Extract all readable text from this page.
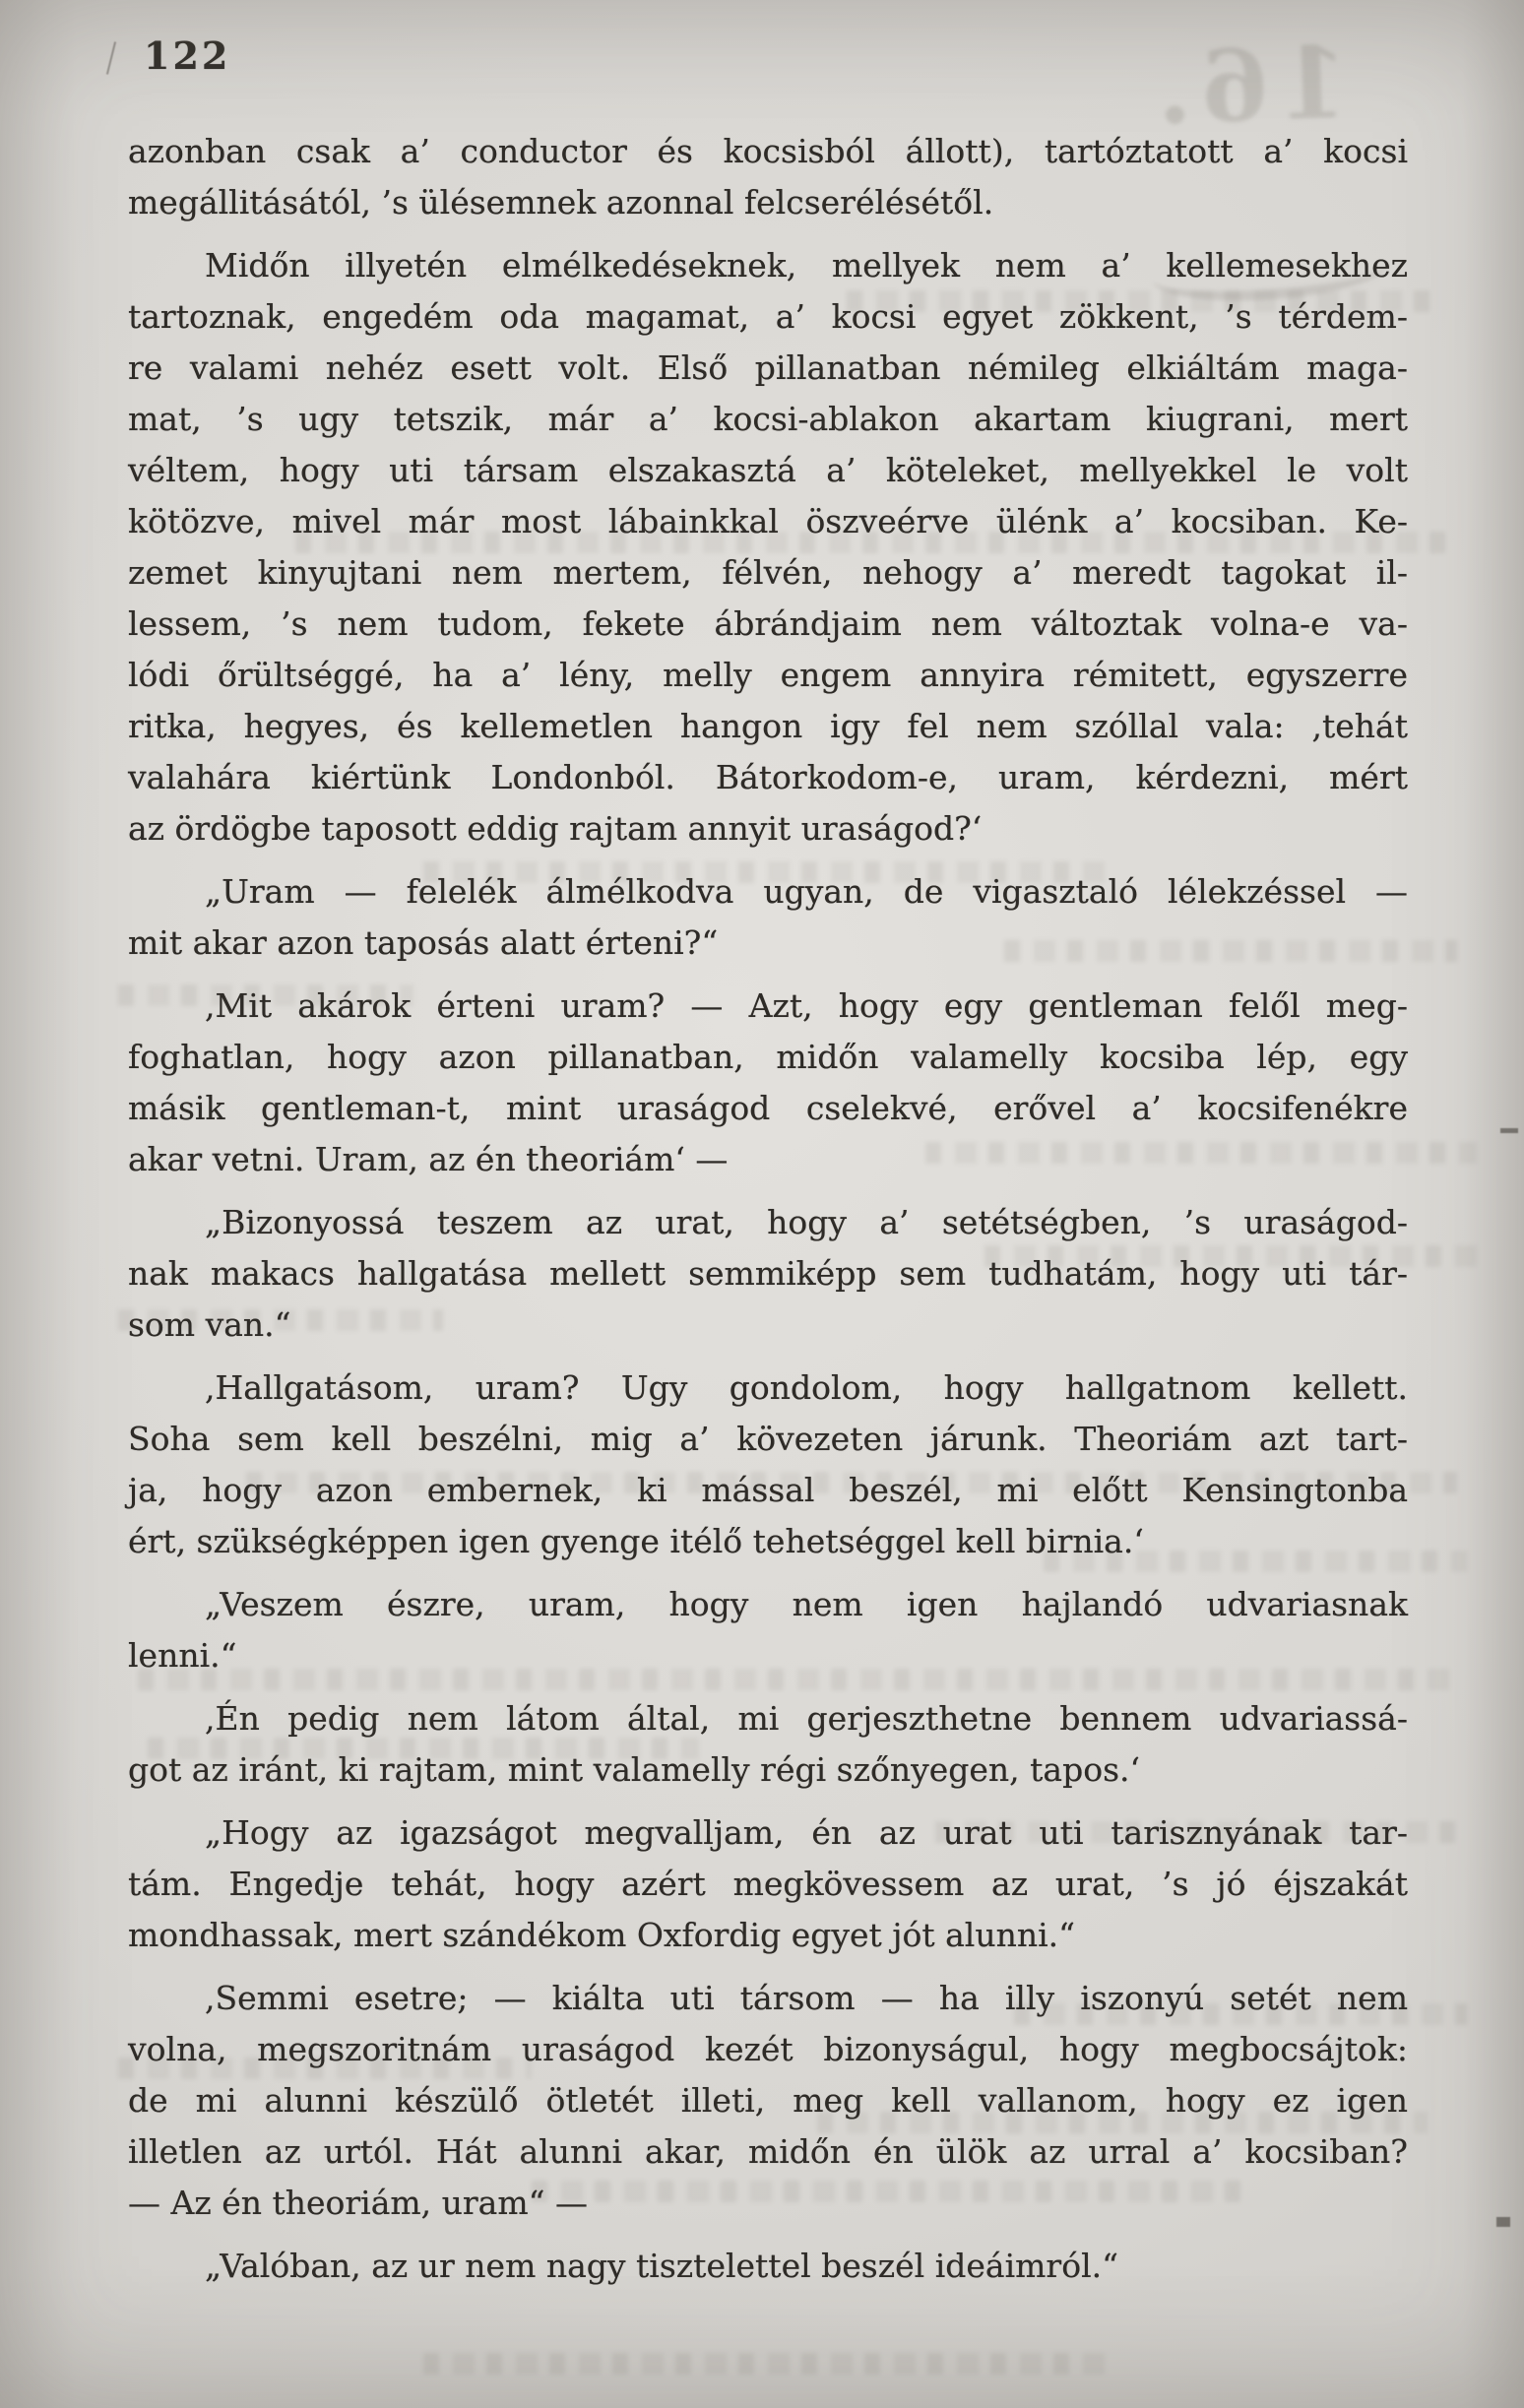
122	16.
azonban csak a’ conductor és kocsisból állott), tartóztatott a’ kocsi
megállitásától, ’s ülésemnek azonnal felcserélésétől.
Midőn illyetén elmélkedéseknek, mellyek nem a’ kellemesekhez
tartoznak, engedém oda magamat, a’ kocsi egyet zökkent, ’s térdem-
re valami nehéz esett volt. Első pillanatban némileg elkiáltám maga-
mat, ’s ugy tetszik, már a’ kocsi-ablakon akartam kiugrani, mert
véltem, hogy uti társam elszakasztá a’ köteleket, mellyekkel le volt
kötözve, mivel már most lábainkkal öszveérve ülénk a’ kocsiban. Ke-
zemet kinyujtani nem mertem, félvén, nehogy a’ meredt tagokat il-
lessem, ’s nem tudom, fekete ábrándjaim nem változtak volna-e va-
lódi őrültséggé, ha a’ lény, melly engem annyira rémitett, egyszerre
ritka, hegyes, és kellemetlen hangon igy fel nem szóllal vala: ,tehát
valahára kiértünk Londonból. Bátorkodom-e, uram, kérdezni, mért
az ördögbe taposott eddig rajtam annyit uraságod?‘
„Uram — felelék álmélkodva ugyan, de vigasztaló lélekzéssel —
mit akar azon taposás alatt érteni?“
,Mit akárok érteni uram? — Azt, hogy egy gentleman felől meg-
foghatlan, hogy azon pillanatban, midőn valamelly kocsiba lép, egy
másik gentleman-t, mint uraságod cselekvé, erővel a’ kocsifenékre
akar vetni. Uram, az én theoriám‘ —
„Bizonyossá teszem az urat, hogy a’ setétségben, ’s uraságod-
nak makacs hallgatása mellett semmiképp sem tudhatám, hogy uti tár-
som van.“
,Hallgatásom, uram? Ugy gondolom, hogy hallgatnom kellett.
Soha sem kell beszélni, mig a’ kövezeten járunk. Theoriám azt tart-
ja, hogy azon embernek, ki mással beszél, mi előtt Kensingtonba
ért, szükségképpen igen gyenge itélő tehetséggel kell birnia.‘
„Veszem észre, uram, hogy nem igen hajlandó udvariasnak
lenni.“
,Én pedig nem látom által, mi gerjeszthetne bennem udvariassá-
got az iránt, ki rajtam, mint valamelly régi szőnyegen, tapos.‘
„Hogy az igazságot megvalljam, én az urat uti tarisznyának tar-
tám. Engedje tehát, hogy azért megkövessem az urat, ’s jó éjszakát
mondhassak, mert szándékom Oxfordig egyet jót alunni.“
,Semmi esetre; — kiálta uti társom — ha illy iszonyú setét nem
volna, megszoritnám uraságod kezét bizonyságul, hogy megbocsájtok:
de mi alunni készülő ötletét illeti, meg kell vallanom, hogy ez igen
illetlen az urtól. Hát alunni akar, midőn én ülök az urral a’ kocsiban?
— Az én theoriám, uram“ —
„Valóban, az ur nem nagy tisztelettel beszél ideáimról.“
